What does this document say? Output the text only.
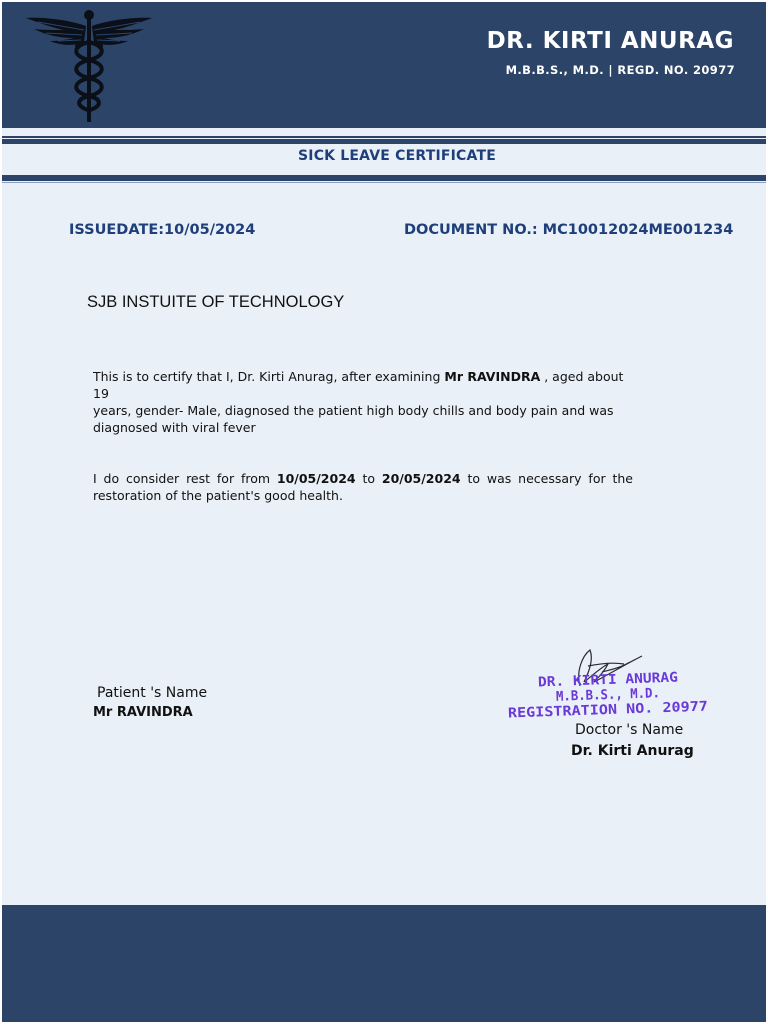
DR. KIRTI ANURAG
M.B.B.S., M.D. | REGD. NO. 20977
SICK LEAVE CERTIFICATE
ISSUEDATE:10/05/2024	DOCUMENT NO.: MC10012024ME001234
SJB INSTUITE OF TECHNOLOGY
This is to certify that I, Dr. Kirti Anurag, after examining Mr RAVINDRA , aged about 19
years, gender- Male, diagnosed the patient high body chills and body pain and was
diagnosed with viral fever
I do consider rest for from 10/05/2024 to 20/05/2024 to was necessary for the
restoration of the patient's good health.
Patient 's Name
Mr RAVINDRA
DR. KIRTI ANURAG
M.B.B.S., M.D.
REGISTRATION NO. 20977
Doctor 's Name
Dr. Kirti Anurag
